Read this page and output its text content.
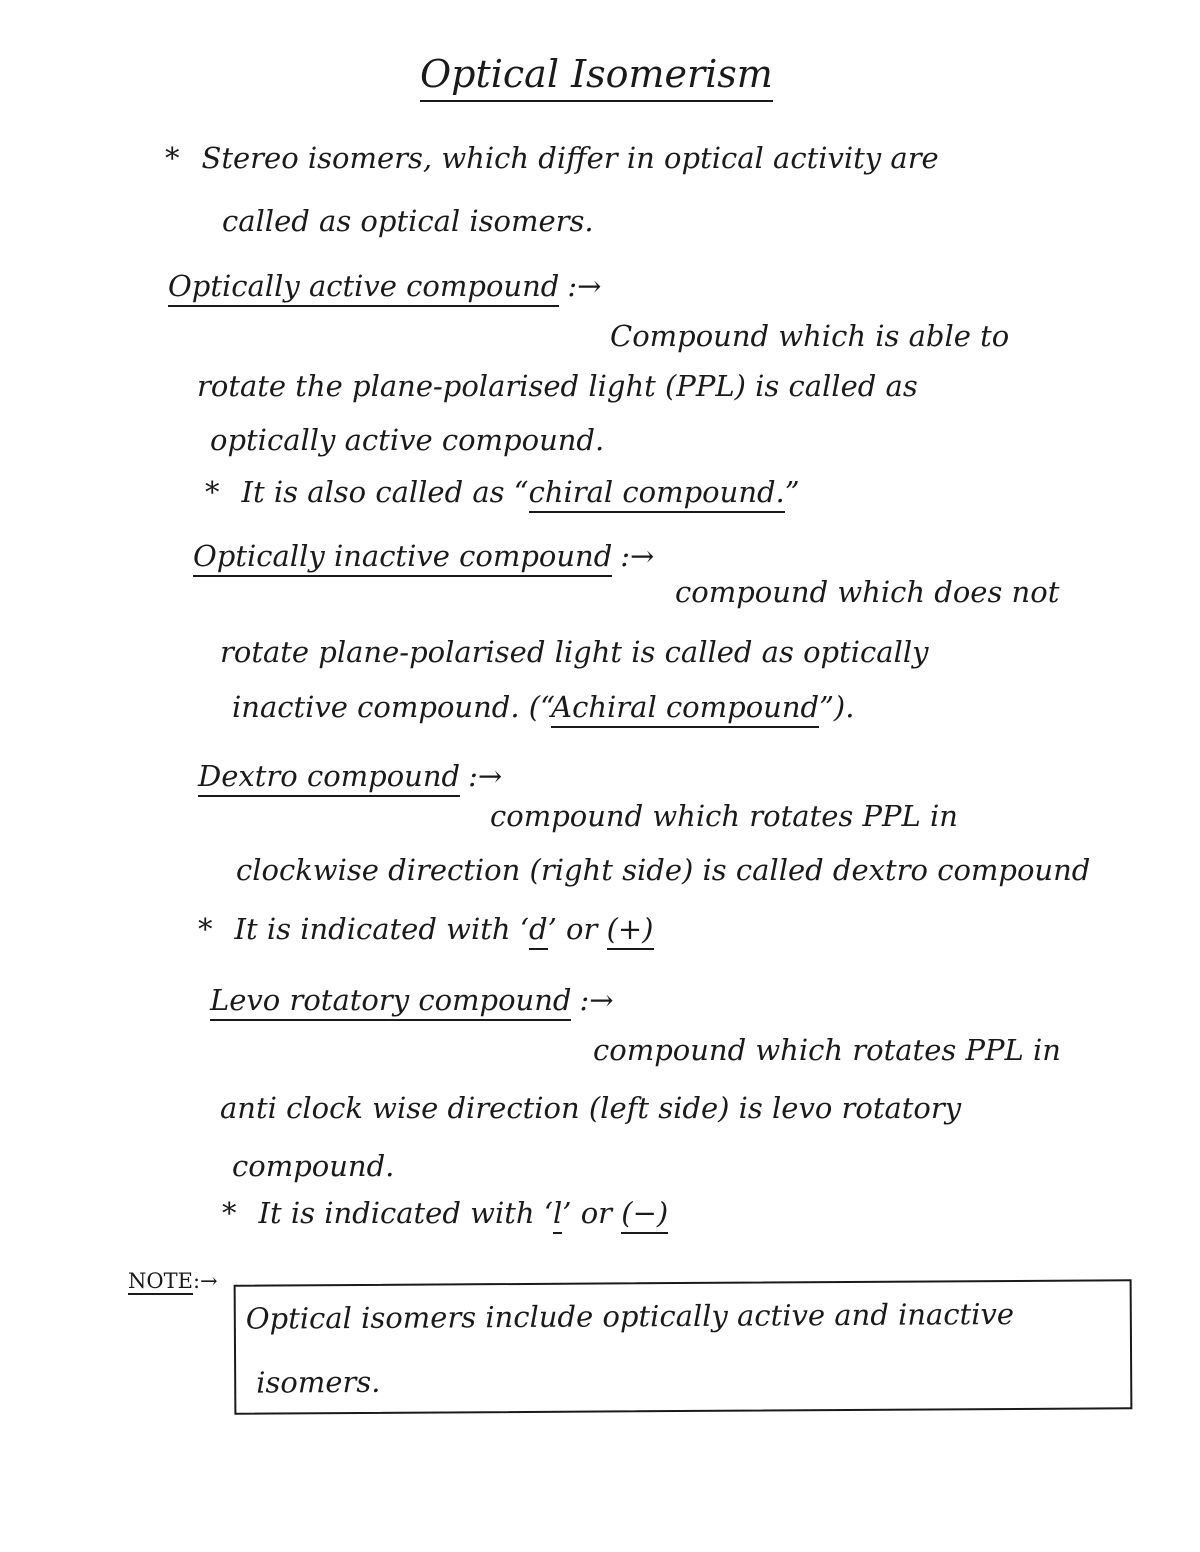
Optical Isomerism
* Stereo isomers, which differ in optical activity are
called as optical isomers.
Optically active compound :→
Compound which is able to
rotate the plane-polarised light (PPL) is called as
optically active compound.
* It is also called as “chiral compound.”
Optically inactive compound :→
compound which does not
rotate plane-polarised light is called as optically
inactive compound. (“Achiral compound”).
Dextro compound :→
compound which rotates PPL in
clockwise direction (right side) is called dextro compound
* It is indicated with ‘d’ or (+)
Levo rotatory compound :→
compound which rotates PPL in
anti clock wise direction (left side) is levo rotatory
compound.
* It is indicated with ‘l’ or (−)
NOTE:→
Optical isomers include optically active and inactive
isomers.
